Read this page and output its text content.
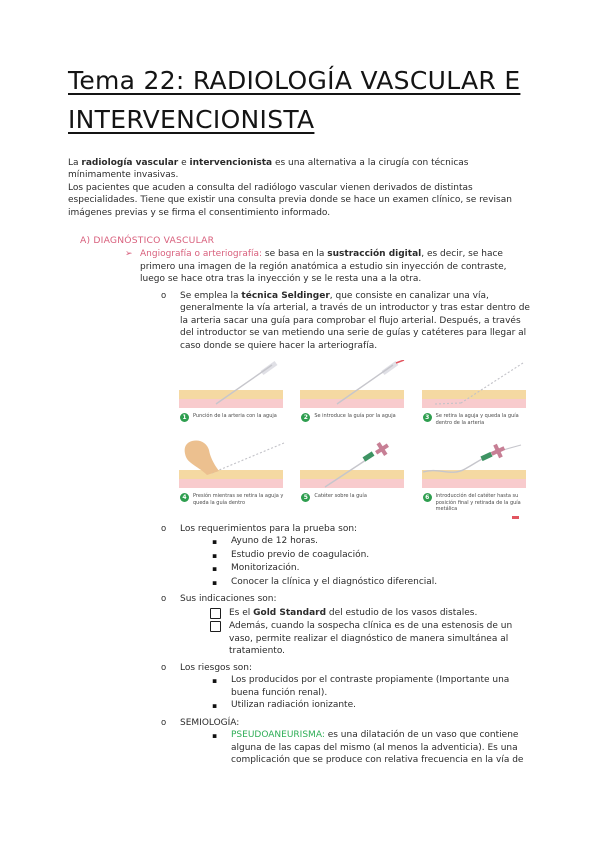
Tema 22: RADIOLOGÍA VASCULAR E
INTERVENCIONISTA

La radiología vascular e intervencionista es una alternativa a la cirugía con técnicas mínimamente invasivas.

Los pacientes que acuden a consulta del radiólogo vascular vienen derivados de distintas especialidades. Tiene que existir una consulta previa donde se hace un examen clínico, se revisan imágenes previas y se firma el consentimiento informado.

A) DIAGNÓSTICO VASCULAR
➢ Angiografía o arteriografía: se basa en la sustracción digital, es decir, se hace primero una imagen de la región anatómica a estudio sin inyección de contraste, luego se hace otra tras la inyección y se le resta una a la otra.
o	Se emplea la técnica Seldinger, que consiste en canalizar una vía, generalmente la vía arterial, a través de un introductor y tras estar dentro de la arteria sacar una guía para comprobar el flujo arterial. Después, a través del introductor se van metiendo una serie de guías y catéteres para llegar al caso donde se quiere hacer la arteriografía.
1	Punción de la arteria con la aguja	2	Se introduce la guía por la aguja	3	Se retira la aguja y queda la guía dentro de la arteria
4	Presión mientras se retira la aguja y queda la guía dentro
5	Catéter sobre la guía	6	Introducción del catéter hasta su posición final y retirada de la guía metálica
o	Los requerimientos para la prueba son:
▪	Ayuno de 12 horas.
▪	Estudio previo de coagulación.
▪	Monitorización.
▪	Conocer la clínica y el diagnóstico diferencial.
o	Sus indicaciones son:
Es el Gold Standard del estudio de los vasos distales.
Además, cuando la sospecha clínica es de una estenosis de un vaso, permite realizar el diagnóstico de manera simultánea al tratamiento.
o	Los riesgos son:
▪	Los producidos por el contraste propiamente (Importante una buena función renal).
▪	Utilizan radiación ionizante.
o	SEMIOLOGÍA:
▪	PSEUDOANEURISMA: es una dilatación de un vaso que contiene alguna de las capas del mismo (al menos la adventicia). Es una complicación que se produce con relativa frecuencia en la vía de
